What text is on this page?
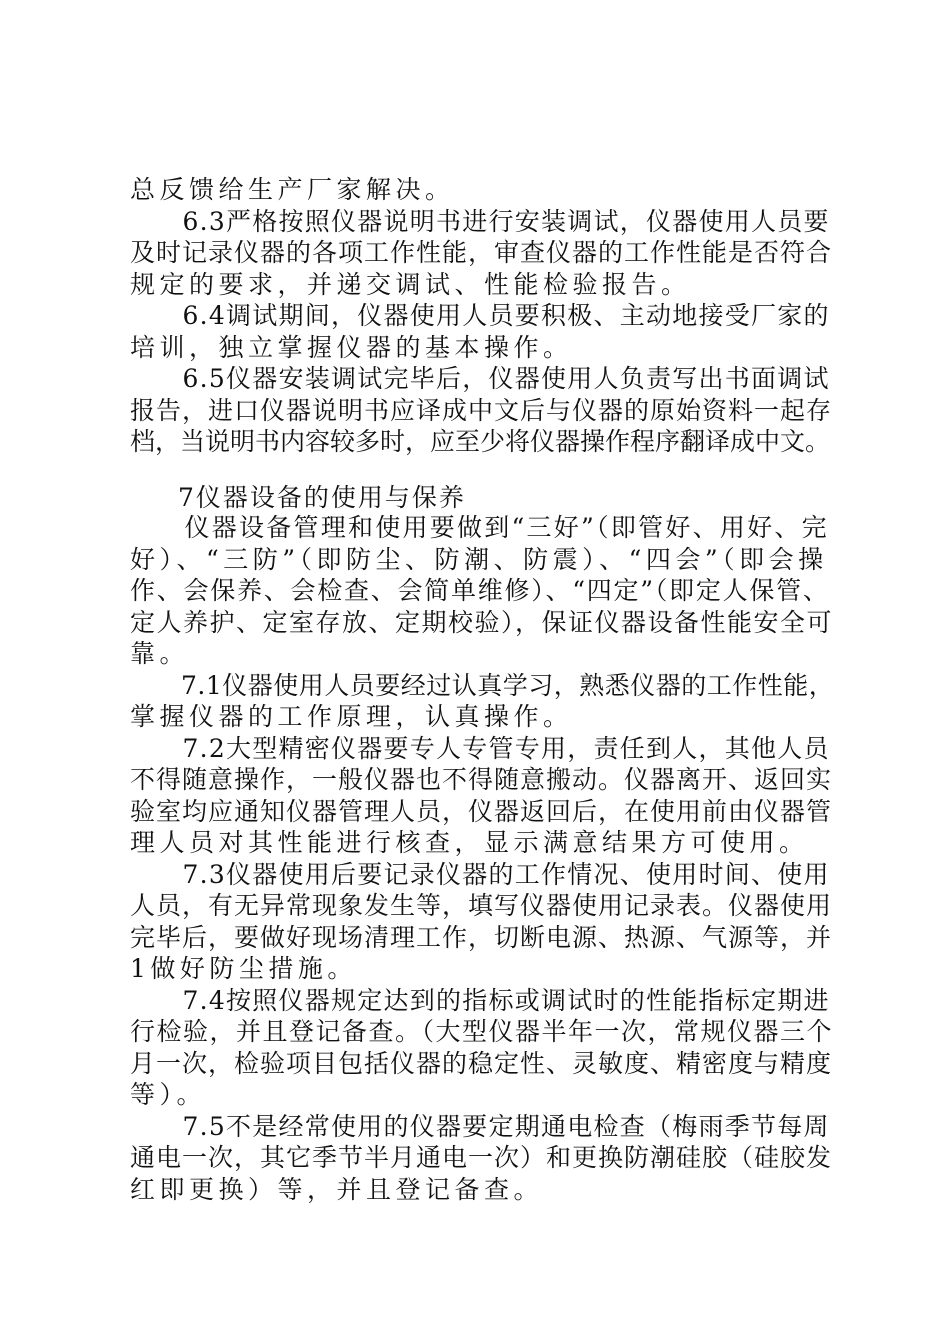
总反馈给生产厂家解决。
　　6.3严格按照仪器说明书进行安装调试，仪器使用人员要
及时记录仪器的各项工作性能，审查仪器的工作性能是否符合
规定的要求，并递交调试、性能检验报告。
　　6.4调试期间，仪器使用人员要积极、主动地接受厂家的
培训，独立掌握仪器的基本操作。
　　6.5仪器安装调试完毕后，仪器使用人负责写出书面调试
报告，进口仪器说明书应译成中文后与仪器的原始资料一起存
档，当说明书内容较多时，应至少将仪器操作程序翻译成中文。
7仪器设备的使用与保养
　　仪器设备管理和使用要做到“三好”（即管好、用好、完
好）、“三防”（即防尘、防潮、防震）、“四会”（即会操
作、会保养、会检查、会简单维修）、“四定”（即定人保管、
定人养护、定室存放、定期校验），保证仪器设备性能安全可
靠。
　　7.1仪器使用人员要经过认真学习，熟悉仪器的工作性能，
掌握仪器的工作原理，认真操作。
　　7.2大型精密仪器要专人专管专用，责任到人，其他人员
不得随意操作，一般仪器也不得随意搬动。仪器离开、返回实
验室均应通知仪器管理人员，仪器返回后，在使用前由仪器管
理人员对其性能进行核查，显示满意结果方可使用。
　　7.3仪器使用后要记录仪器的工作情况、使用时间、使用
人员，有无异常现象发生等，填写仪器使用记录表。仪器使用
完毕后，要做好现场清理工作，切断电源、热源、气源等，并
1做好防尘措施。
　　7.4按照仪器规定达到的指标或调试时的性能指标定期进
行检验，并且登记备查。（大型仪器半年一次，常规仪器三个
月一次，检验项目包括仪器的稳定性、灵敏度、精密度与精度
等）。
　　7.5不是经常使用的仪器要定期通电检查（梅雨季节每周
通电一次，其它季节半月通电一次）和更换防潮硅胶（硅胶发
红即更换）等，并且登记备查。
